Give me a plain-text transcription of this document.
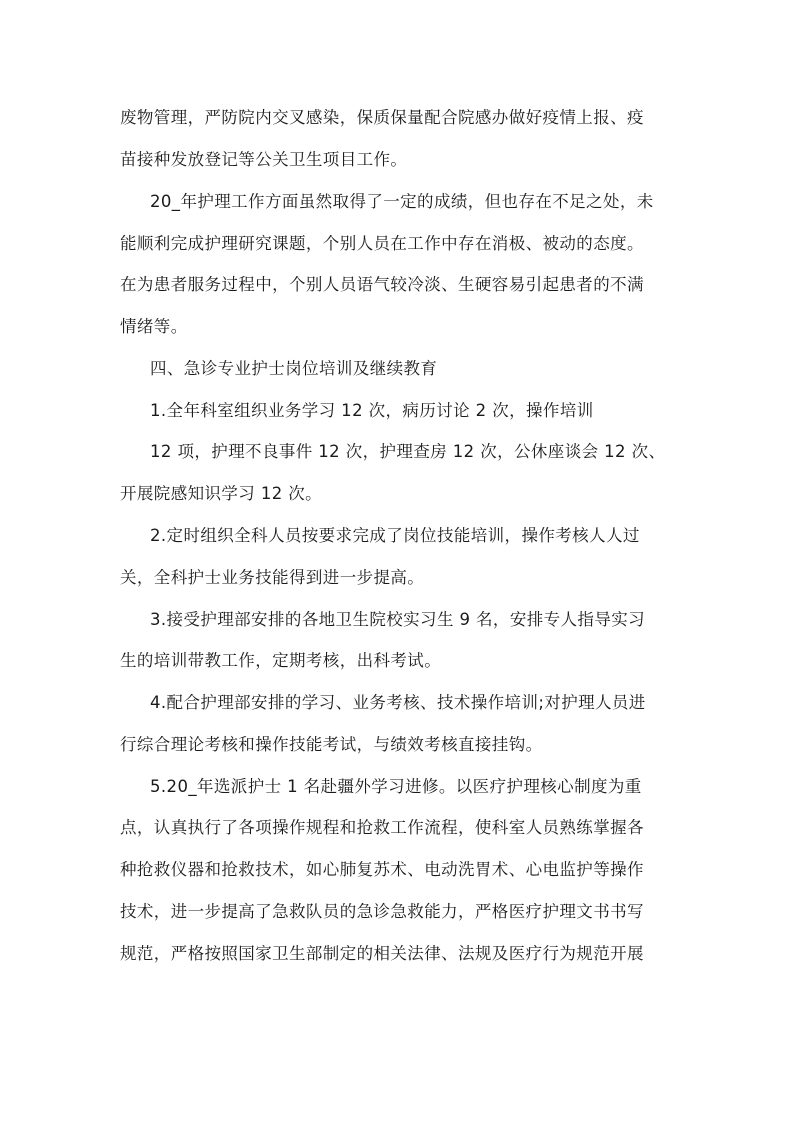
废物管理，严防院内交叉感染，保质保量配合院感办做好疫情上报、疫
苗接种发放登记等公关卫生项目工作。
20_年护理工作方面虽然取得了一定的成绩，但也存在不足之处，未
能顺利完成护理研究课题，个别人员在工作中存在消极、被动的态度。
在为患者服务过程中，个别人员语气较冷淡、生硬容易引起患者的不满
情绪等。
四、急诊专业护士岗位培训及继续教育
1.全年科室组织业务学习 12 次，病历讨论 2 次，操作培训
12 项，护理不良事件 12 次，护理查房 12 次，公休座谈会 12 次、
开展院感知识学习 12 次。
2.定时组织全科人员按要求完成了岗位技能培训，操作考核人人过
关，全科护士业务技能得到进一步提高。
3.接受护理部安排的各地卫生院校实习生 9 名，安排专人指导实习
生的培训带教工作，定期考核，出科考试。
4.配合护理部安排的学习、业务考核、技术操作培训;对护理人员进
行综合理论考核和操作技能考试，与绩效考核直接挂钩。
5.20_年选派护士 1 名赴疆外学习进修。以医疗护理核心制度为重
点，认真执行了各项操作规程和抢救工作流程，使科室人员熟练掌握各
种抢救仪器和抢救技术，如心肺复苏术、电动洗胃术、心电监护等操作
技术，进一步提高了急救队员的急诊急救能力，严格医疗护理文书书写
规范，严格按照国家卫生部制定的相关法律、法规及医疗行为规范开展
